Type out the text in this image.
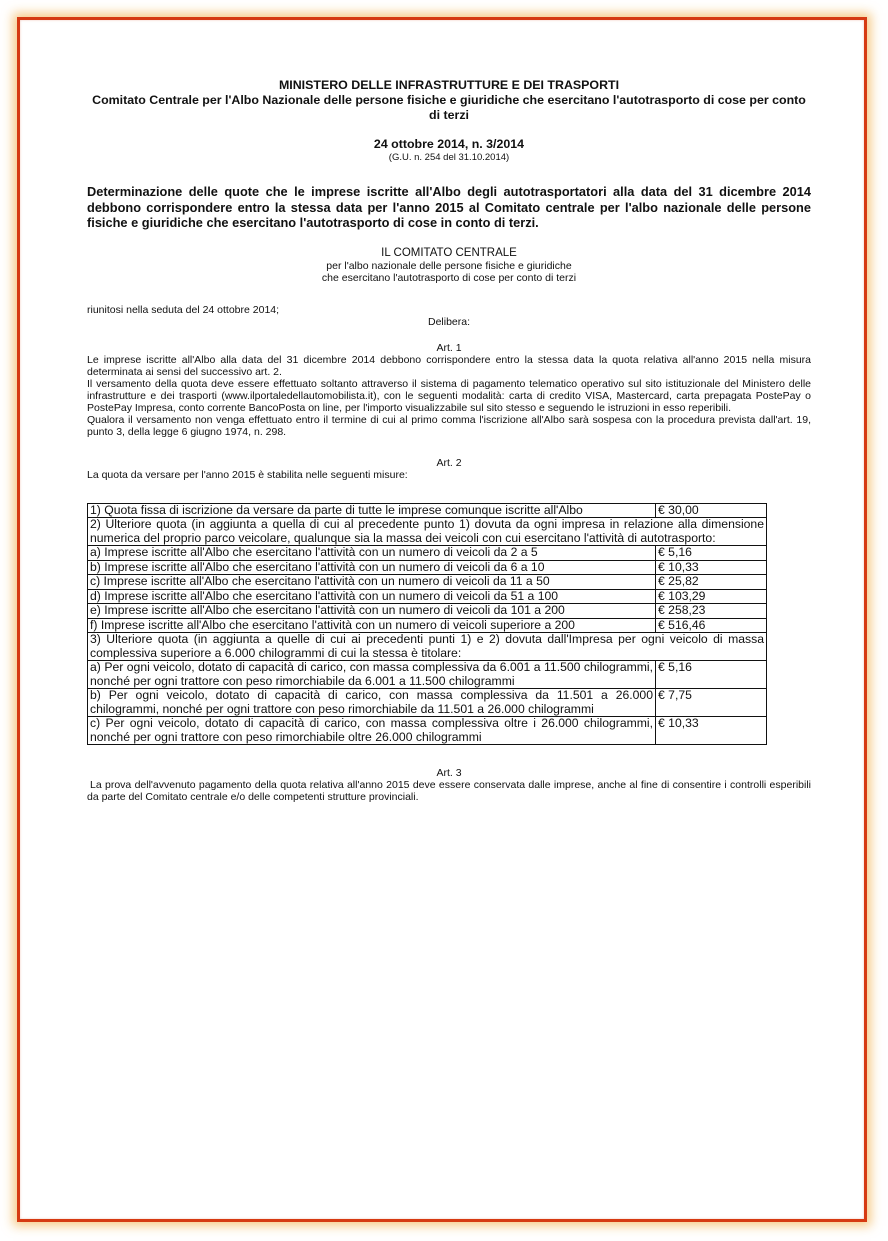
MINISTERO DELLE INFRASTRUTTURE E DEI TRASPORTI
Comitato Centrale per l'Albo Nazionale delle persone fisiche e giuridiche che esercitano l'autotrasporto di cose per conto di terzi
24 ottobre 2014, n. 3/2014
(G.U. n. 254 del 31.10.2014)
Determinazione delle quote che le imprese iscritte all'Albo degli autotrasportatori alla data del 31 dicembre 2014 debbono corrispondere entro la stessa data per l'anno 2015 al Comitato centrale per l'albo nazionale delle persone fisiche e giuridiche che esercitano l'autotrasporto di cose in conto di terzi.
IL COMITATO CENTRALE
per l'albo nazionale delle persone fisiche e giuridiche
che esercitano l'autotrasporto di cose per conto di terzi
riunitosi nella seduta del 24 ottobre 2014;
Delibera:
Art. 1
Le imprese iscritte all'Albo alla data del 31 dicembre 2014 debbono corrispondere entro la stessa data la quota relativa all'anno 2015 nella misura determinata ai sensi del successivo art. 2.
Il versamento della quota deve essere effettuato soltanto attraverso il sistema di pagamento telematico operativo sul sito istituzionale del Ministero delle infrastrutture e dei trasporti (www.ilportaledellautomobilista.it), con le seguenti modalità: carta di credito VISA, Mastercard, carta prepagata PostePay o PostePay Impresa, conto corrente BancoPosta on line, per l'importo visualizzabile sul sito stesso e seguendo le istruzioni in esso reperibili.
Qualora il versamento non venga effettuato entro il termine di cui al primo comma l'iscrizione all'Albo sarà sospesa con la procedura prevista dall'art. 19, punto 3, della legge 6 giugno 1974, n. 298.
Art. 2
La quota da versare per l'anno 2015 è stabilita nelle seguenti misure:
1) Quota fissa di iscrizione da versare da parte di tutte le imprese comunque iscritte all'Albo	€ 30,00
2) Ulteriore quota (in aggiunta a quella di cui al precedente punto 1) dovuta da ogni impresa in relazione alla dimensione numerica del proprio parco veicolare, qualunque sia la massa dei veicoli con cui esercitano l'attività di autotrasporto:	
a) Imprese iscritte all'Albo che esercitano l'attività con un numero di veicoli da 2 a 5	€ 5,16
b) Imprese iscritte all'Albo che esercitano l'attività con un numero di veicoli da 6 a 10	€ 10,33
c) Imprese iscritte all'Albo che esercitano l'attività con un numero di veicoli da 11 a 50	€ 25,82
d) Imprese iscritte all'Albo che esercitano l'attività con un numero di veicoli da 51 a 100	€ 103,29
e) Imprese iscritte all'Albo che esercitano l'attività con un numero di veicoli da 101 a 200	€ 258,23
f) Imprese iscritte all'Albo che esercitano l'attività con un numero di veicoli superiore a 200	€ 516,46
3) Ulteriore quota (in aggiunta a quelle di cui ai precedenti punti 1) e 2) dovuta dall'Impresa per ogni veicolo di massa complessiva superiore a 6.000 chilogrammi di cui la stessa è titolare:	
a) Per ogni veicolo, dotato di capacità di carico, con massa complessiva da 6.001 a 11.500 chilogrammi, nonché per ogni trattore con peso rimorchiabile da 6.001 a 11.500 chilogrammi	€ 5,16
b) Per ogni veicolo, dotato di capacità di carico, con massa complessiva da 11.501 a 26.000 chilogrammi, nonché per ogni trattore con peso rimorchiabile da 11.501 a 26.000 chilogrammi	€ 7,75
c) Per ogni veicolo, dotato di capacità di carico, con massa complessiva oltre i 26.000 chilogrammi, nonché per ogni trattore con peso rimorchiabile oltre 26.000 chilogrammi	€ 10,33
Art. 3
La prova dell'avvenuto pagamento della quota relativa all'anno 2015 deve essere conservata dalle imprese, anche al fine di consentire i controlli esperibili da parte del Comitato centrale e/o delle competenti strutture provinciali.
